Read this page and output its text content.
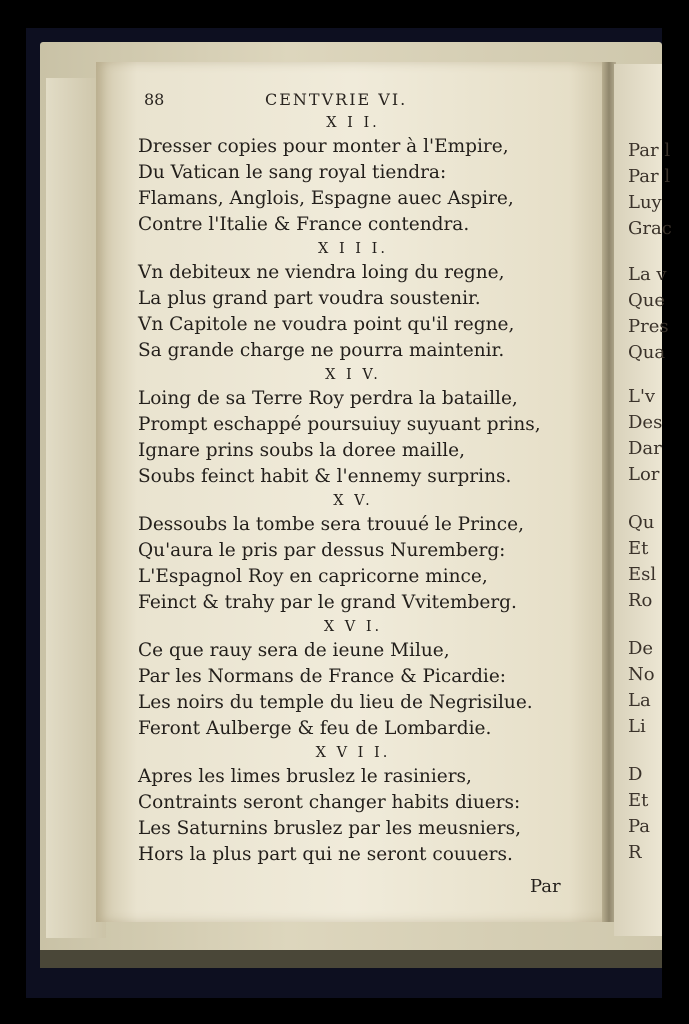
Par l
Par l
Luy
Grac
La v
Que
Pres
Qua
L'v
Des
Dar
Lor
Qu
Et
Esl
Ro
De
No
La
Li
D
Et
Pa
R
88	CENTVRIE VI.
X I I.
Dresser copies pour monter à l'Empire,
Du Vatican le sang royal tiendra:
Flamans, Anglois, Espagne auec Aspire,
Contre l'Italie & France contendra.
X I I I.
Vn debiteux ne viendra loing du regne,
La plus grand part voudra soustenir.
Vn Capitole ne voudra point qu'il regne,
Sa grande charge ne pourra maintenir.
X I V.
Loing de sa Terre Roy perdra la bataille,
Prompt eschappé poursuiuy suyuant prins,
Ignare prins soubs la doree maille,
Soubs feinct habit & l'ennemy surprins.
X V.
Dessoubs la tombe sera trouué le Prince,
Qu'aura le pris par dessus Nuremberg:
L'Espagnol Roy en capricorne mince,
Feinct & trahy par le grand Vvitemberg.
X V I.
Ce que rauy sera de ieune Milue,
Par les Normans de France & Picardie:
Les noirs du temple du lieu de Negrisilue.
Feront Aulberge & feu de Lombardie.
X V I I.
Apres les limes bruslez le rasiniers,
Contraints seront changer habits diuers:
Les Saturnins bruslez par les meusniers,
Hors la plus part qui ne seront couuers.
Par
